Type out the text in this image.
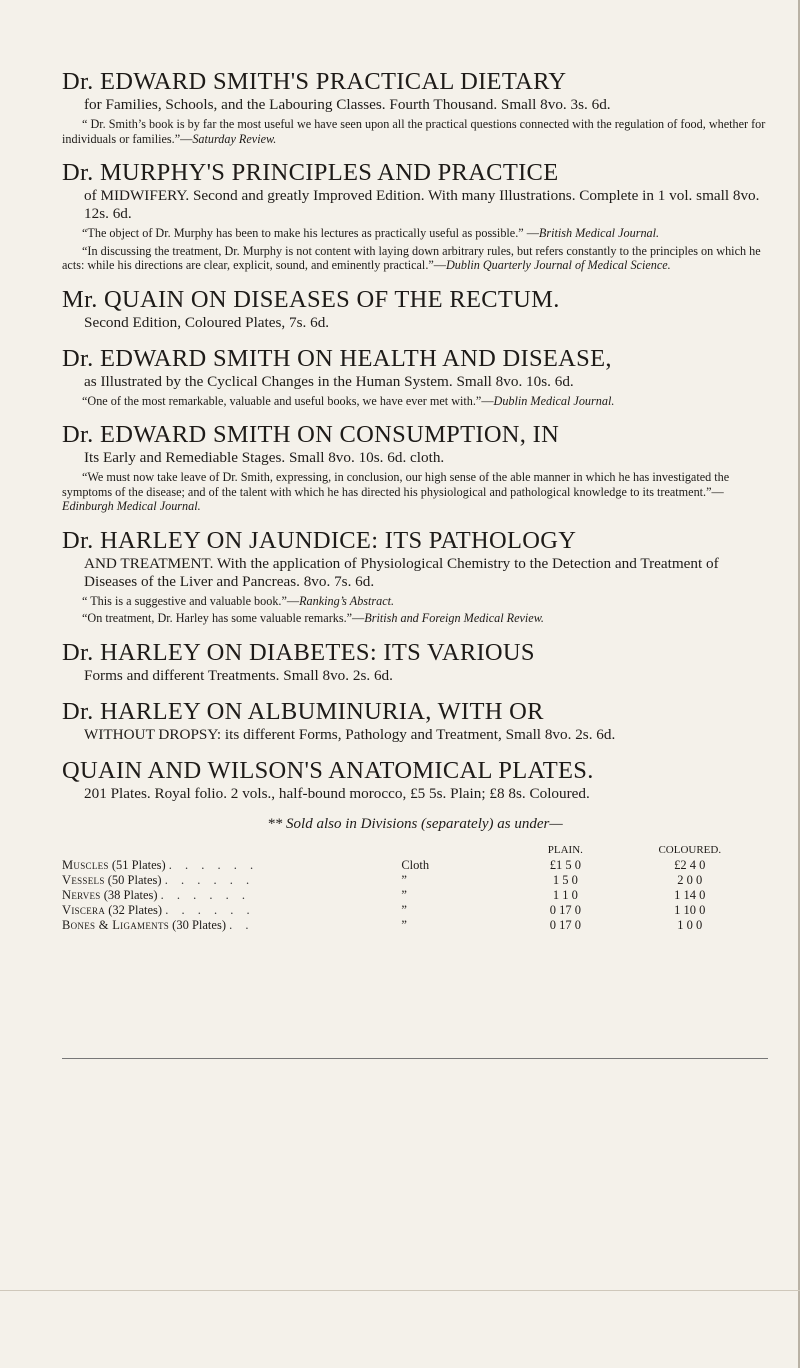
Dr. EDWARD SMITH'S PRACTICAL DIETARY

for Families, Schools, and the Labouring Classes. Fourth Thousand. Small 8vo. 3s. 6d.

“ Dr. Smith’s book is by far the most useful we have seen upon all the practical questions connected with the regulation of food, whether for individuals or families.”—Saturday Review.

Dr. MURPHY'S PRINCIPLES AND PRACTICE

of MIDWIFERY. Second and greatly Improved Edition. With many Illustrations. Complete in 1 vol. small 8vo. 12s. 6d.

“The object of Dr. Murphy has been to make his lectures as practically useful as possible.” —British Medical Journal.

“In discussing the treatment, Dr. Murphy is not content with laying down arbitrary rules, but refers constantly to the principles on which he acts: while his directions are clear, explicit, sound, and eminently practical.”—Dublin Quarterly Journal of Medical Science.

Mr. QUAIN ON DISEASES OF THE RECTUM.

Second Edition, Coloured Plates, 7s. 6d.

Dr. EDWARD SMITH ON HEALTH AND DISEASE,

as Illustrated by the Cyclical Changes in the Human System. Small 8vo. 10s. 6d.

“One of the most remarkable, valuable and useful books, we have ever met with.”—Dublin Medical Journal.

Dr. EDWARD SMITH ON CONSUMPTION, IN

Its Early and Remediable Stages. Small 8vo. 10s. 6d. cloth.

“We must now take leave of Dr. Smith, expressing, in conclusion, our high sense of the able manner in which he has investigated the symptoms of the disease; and of the talent with which he has directed his physiological and pathological knowledge to its treatment.”—Edinburgh Medical Journal.

Dr. HARLEY ON JAUNDICE: ITS PATHOLOGY

AND TREATMENT. With the application of Physiological Chemistry to the Detection and Treatment of Diseases of the Liver and Pancreas. 8vo. 7s. 6d.

“ This is a suggestive and valuable book.”—Ranking’s Abstract.

“On treatment, Dr. Harley has some valuable remarks.”—British and Foreign Medical Review.

Dr. HARLEY ON DIABETES: ITS VARIOUS

Forms and different Treatments. Small 8vo. 2s. 6d.

Dr. HARLEY ON ALBUMINURIA, WITH OR

WITHOUT DROPSY: its different Forms, Pathology and Treatment, Small 8vo. 2s. 6d.

QUAIN AND WILSON'S ANATOMICAL PLATES.

201 Plates. Royal folio. 2 vols., half-bound morocco, £5 5s. Plain; £8 8s. Coloured.

** Sold also in Divisions (separately) as under—

		PLAIN.	COLOURED.
Muscles (51 Plates) . . . . . .	Cloth	£1 5 0	£2 4 0
Vessels (50 Plates) . . . . . .	”	1 5 0	2 0 0
Nerves (38 Plates) . . . . . .	”	1 1 0	1 14 0
Viscera (32 Plates) . . . . . .	”	0 17 0	1 10 0
Bones & Ligaments (30 Plates) . .	”	0 17 0	1 0 0
